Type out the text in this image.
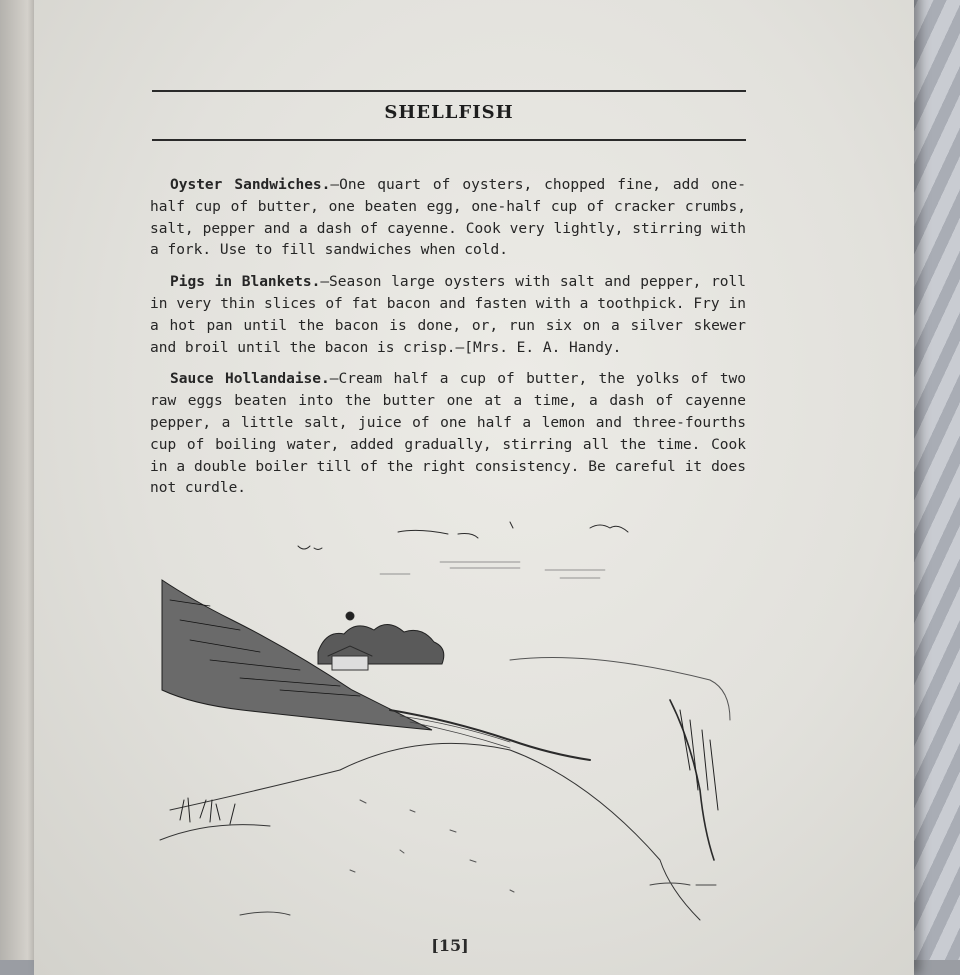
SHELLFISH

Oyster Sandwiches.—One quart of oysters, chopped fine, add one-half cup of butter, one beaten egg, one-half cup of cracker crumbs, salt, pepper and a dash of cayenne. Cook very lightly, stirring with a fork. Use to fill sandwiches when cold.

Pigs in Blankets.—Season large oysters with salt and pepper, roll in very thin slices of fat bacon and fasten with a toothpick. Fry in a hot pan until the bacon is done, or, run six on a silver skewer and broil until the bacon is crisp.—[Mrs. E. A. Handy.

Sauce Hollandaise.—Cream half a cup of butter, the yolks of two raw eggs beaten into the butter one at a time, a dash of cayenne pepper, a little salt, juice of one half a lemon and three-fourths cup of boiling water, added gradually, stirring all the time. Cook in a double boiler till of the right consistency. Be careful it does not curdle.

[15]
